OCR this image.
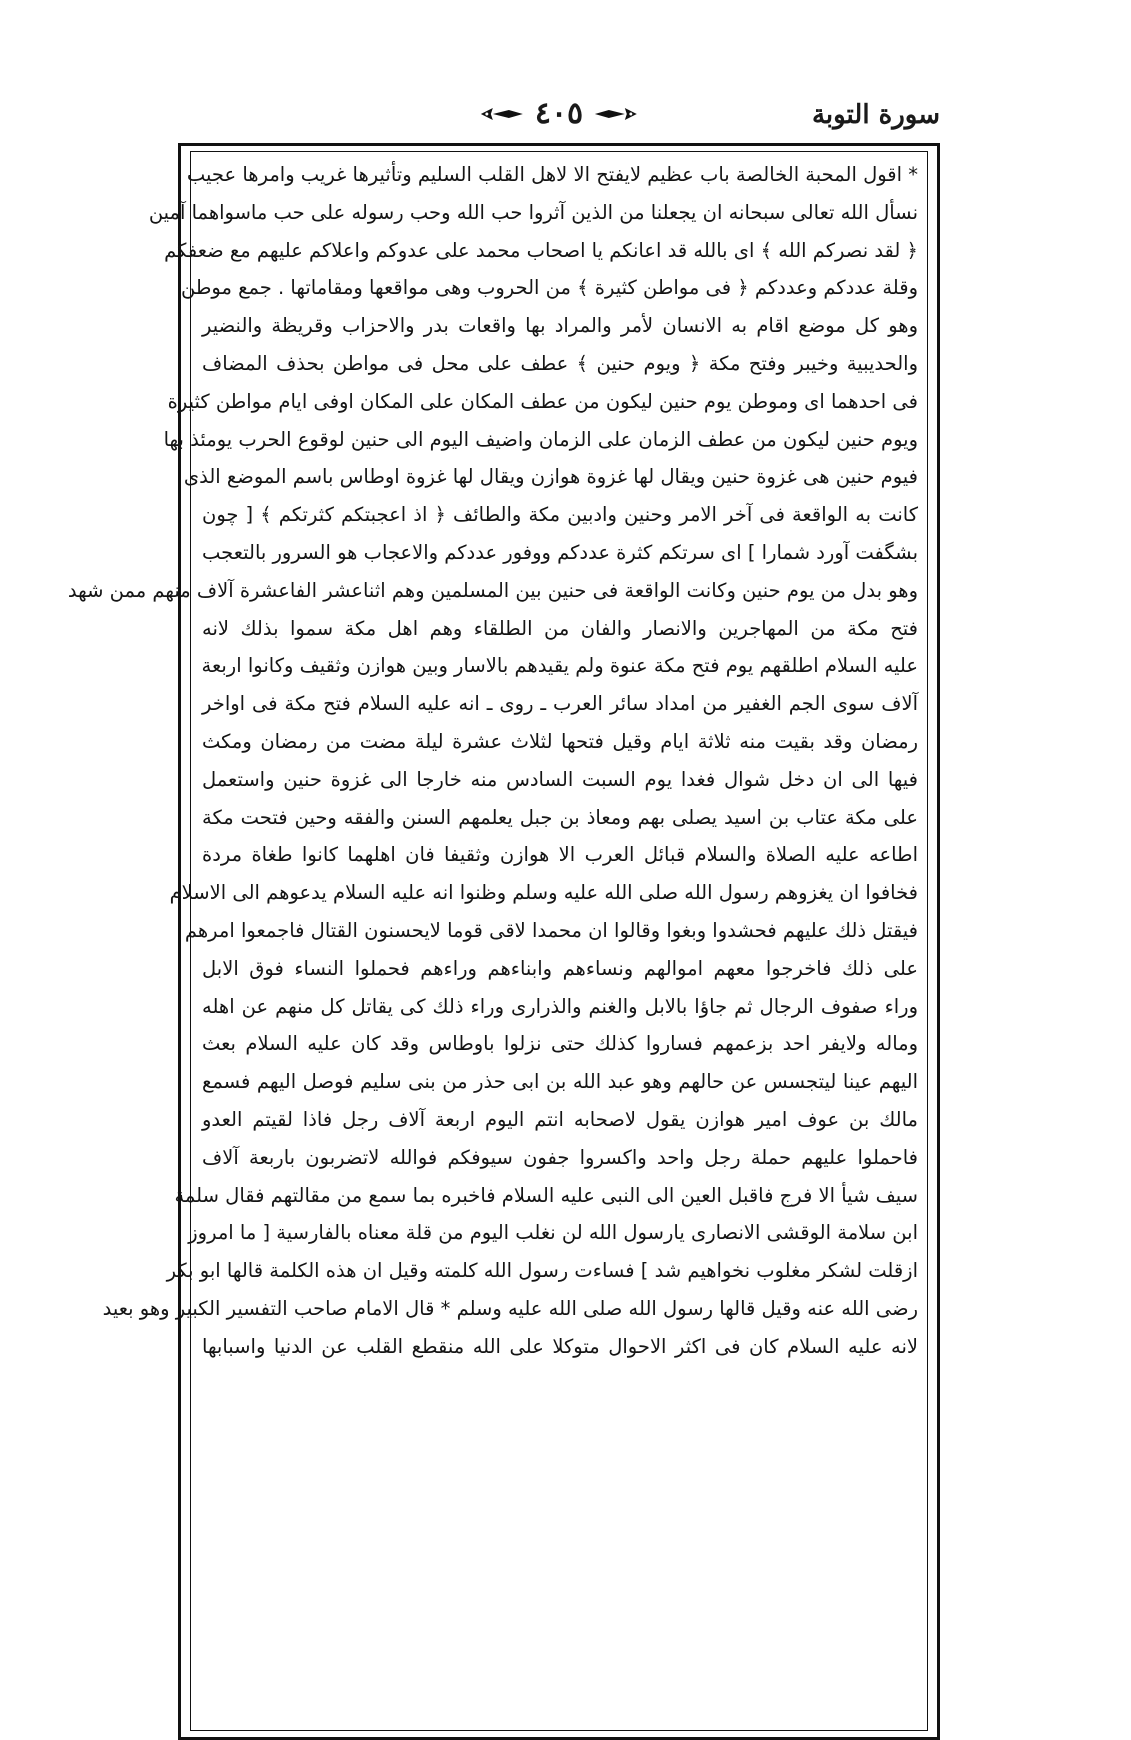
سورة التوبة
٤٠٥
* اقول المحبة الخالصة باب عظيم لايفتح الا لاهل القلب السليم وتأثيرها غريب وامرها عجيب
نسأل الله تعالى سبحانه ان يجعلنا من الذين آثروا حب الله وحب رسوله على حب ماسواهما آمين
﴿ لقد نصركم الله ﴾ اى بالله قد اعانكم يا اصحاب محمد على عدوكم واعلاكم عليهم مع ضعفكم
وقلة عددكم وعددكم ﴿ فى مواطن كثيرة ﴾ من الحروب وهى مواقعها ومقاماتها . جمع موطن
وهو كل موضع اقام به الانسان لأمر والمراد بها واقعات بدر والاحزاب وقريظة والنضير
والحديبية وخيبر وفتح مكة ﴿ ويوم حنين ﴾ عطف على محل فى مواطن بحذف المضاف
فى احدهما اى وموطن يوم حنين ليكون من عطف المكان على المكان اوفى ايام مواطن كثيرة
ويوم حنين ليكون من عطف الزمان على الزمان واضيف اليوم الى حنين لوقوع الحرب يومئذ بها
فيوم حنين هى غزوة حنين ويقال لها غزوة هوازن ويقال لها غزوة اوطاس باسم الموضع الذى
كانت به الواقعة فى آخر الامر وحنين وادبين مكة والطائف ﴿ اذ اعجبتكم كثرتكم ﴾ [ چون
بشگفت آورد شمارا ] اى سرتكم كثرة عددكم ووفور عددكم والاعجاب هو السرور بالتعجب
وهو بدل من يوم حنين وكانت الواقعة فى حنين بين المسلمين وهم اثناعشر الفاعشرة آلاف منهم ممن شهد
فتح مكة من المهاجرين والانصار والفان من الطلقاء وهم اهل مكة سموا بذلك لانه
عليه السلام اطلقهم يوم فتح مكة عنوة ولم يقيدهم بالاسار وبين هوازن وثقيف وكانوا اربعة
آلاف سوى الجم الغفير من امداد سائر العرب ـ روى ـ انه عليه السلام فتح مكة فى اواخر
رمضان وقد بقيت منه ثلاثة ايام وقيل فتحها لثلاث عشرة ليلة مضت من رمضان ومكث
فيها الى ان دخل شوال فغدا يوم السبت السادس منه خارجا الى غزوة حنين واستعمل
على مكة عتاب بن اسيد يصلى بهم ومعاذ بن جبل يعلمهم السنن والفقه وحين فتحت مكة
اطاعه عليه الصلاة والسلام قبائل العرب الا هوازن وثقيفا فان اهلهما كانوا طغاة مردة
فخافوا ان يغزوهم رسول الله صلى الله عليه وسلم وظنوا انه عليه السلام يدعوهم الى الاسلام
فيقتل ذلك عليهم فحشدوا وبغوا وقالوا ان محمدا لاقى قوما لايحسنون القتال فاجمعوا امرهم
على ذلك فاخرجوا معهم اموالهم ونساءهم وابناءهم وراءهم فحملوا النساء فوق الابل
وراء صفوف الرجال ثم جاؤا بالابل والغنم والذرارى وراء ذلك كى يقاتل كل منهم عن اهله
وماله ولايفر احد بزعمهم فساروا كذلك حتى نزلوا باوطاس وقد كان عليه السلام بعث
اليهم عينا ليتجسس عن حالهم وهو عبد الله بن ابى حذر من بنى سليم فوصل اليهم فسمع
مالك بن عوف امير هوازن يقول لاصحابه انتم اليوم اربعة آلاف رجل فاذا لقيتم العدو
فاحملوا عليهم حملة رجل واحد واكسروا جفون سيوفكم فوالله لاتضربون باربعة آلاف
سيف شيأ الا فرج فاقبل العين الى النبى عليه السلام فاخبره بما سمع من مقالتهم فقال سلمة
ابن سلامة الوقشى الانصارى يارسول الله لن نغلب اليوم من قلة معناه بالفارسية [ ما امروز
ازقلت لشكر مغلوب نخواهيم شد ] فساءت رسول الله كلمته وقيل ان هذه الكلمة قالها ابو بكر
رضى الله عنه وقيل قالها رسول الله صلى الله عليه وسلم * قال الامام صاحب التفسير الكبير وهو بعيد
لانه عليه السلام كان فى اكثر الاحوال متوكلا على الله منقطع القلب عن الدنيا واسبابها
